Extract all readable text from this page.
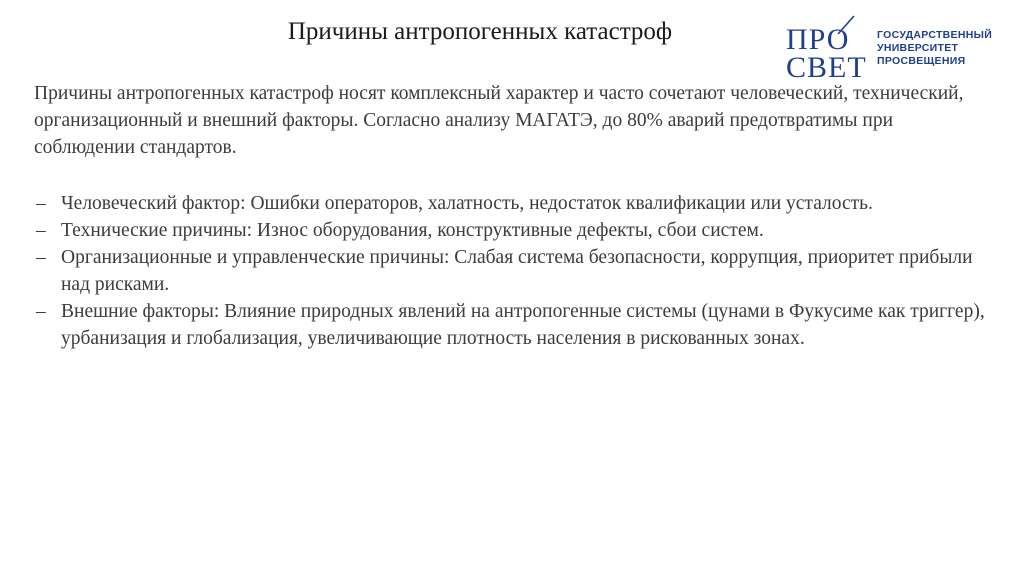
Причины антропогенных катастроф	ПРО
СВЕТ
ГОСУДАРСТВЕННЫЙ
УНИВЕРСИТЕТ
ПРОСВЕЩЕНИЯ

Причины антропогенных катастроф носят комплексный характер и часто сочетают человеческий, технический, организационный и внешний факторы. Согласно анализу МАГАТЭ, до 80% аварий предотвратимы при соблюдении стандартов.

– Человеческий фактор: Ошибки операторов, халатность, недостаток квалификации или усталость.
– Технические причины: Износ оборудования, конструктивные дефекты, сбои систем.
– Организационные и управленческие причины: Слабая система безопасности, коррупция, приоритет прибыли над рисками.
– Внешние факторы: Влияние природных явлений на антропогенные системы (цунами в Фукусиме как триггер), урбанизация и глобализация, увеличивающие плотность населения в рискованных зонах.
